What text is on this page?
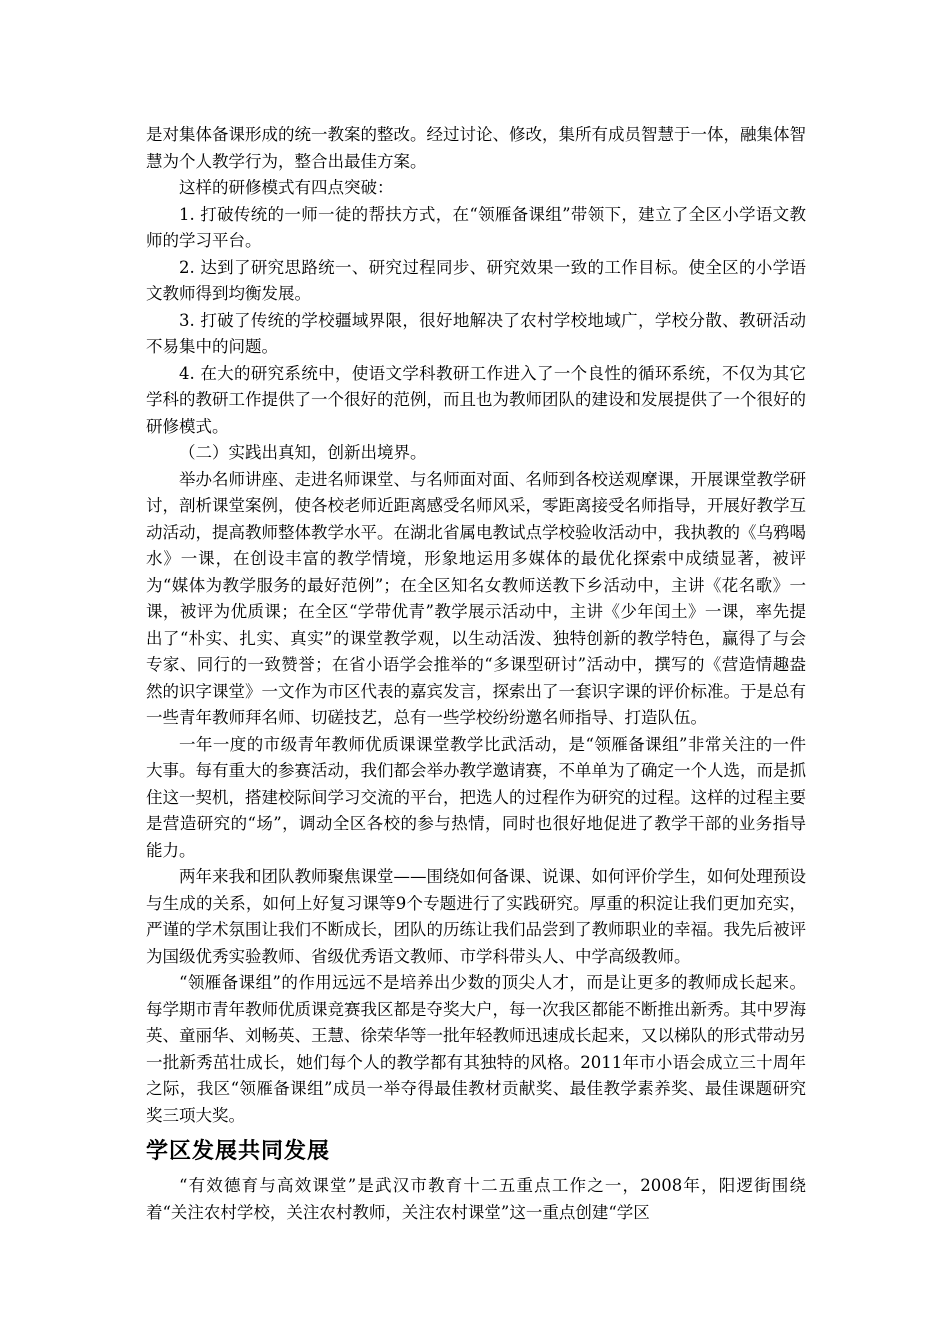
是对集体备课形成的统一教案的整改。经过讨论、修改，集所有成员智慧于一体，融集体智慧为个人教学行为，整合出最佳方案。

这样的研修模式有四点突破：

1. 打破传统的一师一徒的帮扶方式，在“领雁备课组”带领下，建立了全区小学语文教师的学习平台。

2. 达到了研究思路统一、研究过程同步、研究效果一致的工作目标。使全区的小学语文教师得到均衡发展。

3. 打破了传统的学校疆域界限，很好地解决了农村学校地域广，学校分散、教研活动不易集中的问题。

4. 在大的研究系统中，使语文学科教研工作进入了一个良性的循环系统，不仅为其它学科的教研工作提供了一个很好的范例，而且也为教师团队的建设和发展提供了一个很好的研修模式。

（二）实践出真知，创新出境界。

举办名师讲座、走进名师课堂、与名师面对面、名师到各校送观摩课，开展课堂教学研讨，剖析课堂案例，使各校老师近距离感受名师风采，零距离接受名师指导，开展好教学互动活动，提高教师整体教学水平。在湖北省属电教试点学校验收活动中，我执教的《乌鸦喝水》一课，在创设丰富的教学情境，形象地运用多媒体的最优化探索中成绩显著，被评为“媒体为教学服务的最好范例”；在全区知名女教师送教下乡活动中，主讲《花名歌》一课，被评为优质课；在全区“学带优青”教学展示活动中，主讲《少年闰土》一课，率先提出了“朴实、扎实、真实”的课堂教学观，以生动活泼、独特创新的教学特色，赢得了与会专家、同行的一致赞誉；在省小语学会推举的“多课型研讨”活动中，撰写的《营造情趣盎然的识字课堂》一文作为市区代表的嘉宾发言，探索出了一套识字课的评价标准。于是总有一些青年教师拜名师、切磋技艺，总有一些学校纷纷邀名师指导、打造队伍。

一年一度的市级青年教师优质课课堂教学比武活动，是“领雁备课组”非常关注的一件大事。每有重大的参赛活动，我们都会举办教学邀请赛，不单单为了确定一个人选，而是抓住这一契机，搭建校际间学习交流的平台，把选人的过程作为研究的过程。这样的过程主要是营造研究的“场”，调动全区各校的参与热情，同时也很好地促进了教学干部的业务指导能力。

两年来我和团队教师聚焦课堂——围绕如何备课、说课、如何评价学生，如何处理预设与生成的关系，如何上好复习课等9个专题进行了实践研究。厚重的积淀让我们更加充实，严谨的学术氛围让我们不断成长，团队的历练让我们品尝到了教师职业的幸福。我先后被评为国级优秀实验教师、省级优秀语文教师、市学科带头人、中学高级教师。

“领雁备课组”的作用远远不是培养出少数的顶尖人才，而是让更多的教师成长起来。每学期市青年教师优质课竞赛我区都是夺奖大户，每一次我区都能不断推出新秀。其中罗海英、童丽华、刘畅英、王慧、徐荣华等一批年轻教师迅速成长起来，又以梯队的形式带动另一批新秀茁壮成长，她们每个人的教学都有其独特的风格。2011年市小语会成立三十周年之际，我区“领雁备课组”成员一举夺得最佳教材贡献奖、最佳教学素养奖、最佳课题研究奖三项大奖。

学区发展共同发展

“有效德育与高效课堂”是武汉市教育十二五重点工作之一，2008年，阳逻街围绕着“关注农村学校，关注农村教师，关注农村课堂”这一重点创建“学区
